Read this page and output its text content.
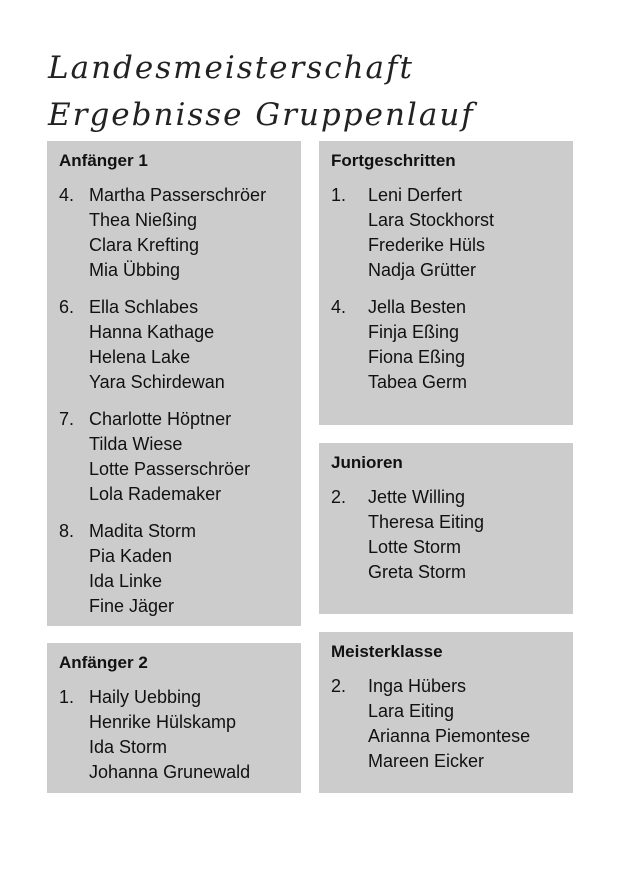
Landesmeisterschaft
Ergebnisse Gruppenlauf
Anfänger 1
4. Martha Passerschröer
Thea Nießing
Clara Krefting
Mia Übbing
6. Ella Schlabes
Hanna Kathage
Helena Lake
Yara Schirdewan
7. Charlotte Höptner
Tilda Wiese
Lotte Passerschröer
Lola Rademaker
8. Madita Storm
Pia Kaden
Ida Linke
Fine Jäger
Anfänger 2
1. Haily Uebbing
Henrike Hülskamp
Ida Storm
Johanna Grunewald
Fortgeschritten
1.	Leni Derfert
Lara Stockhorst
Frederike Hüls
Nadja Grütter
4.	Jella Besten
Finja Eßing
Fiona Eßing
Tabea Germ
Junioren
2.	Jette Willing
Theresa Eiting
Lotte Storm
Greta Storm
Meisterklasse
2.	Inga Hübers
Lara Eiting
Arianna Piemontese
Mareen Eicker
